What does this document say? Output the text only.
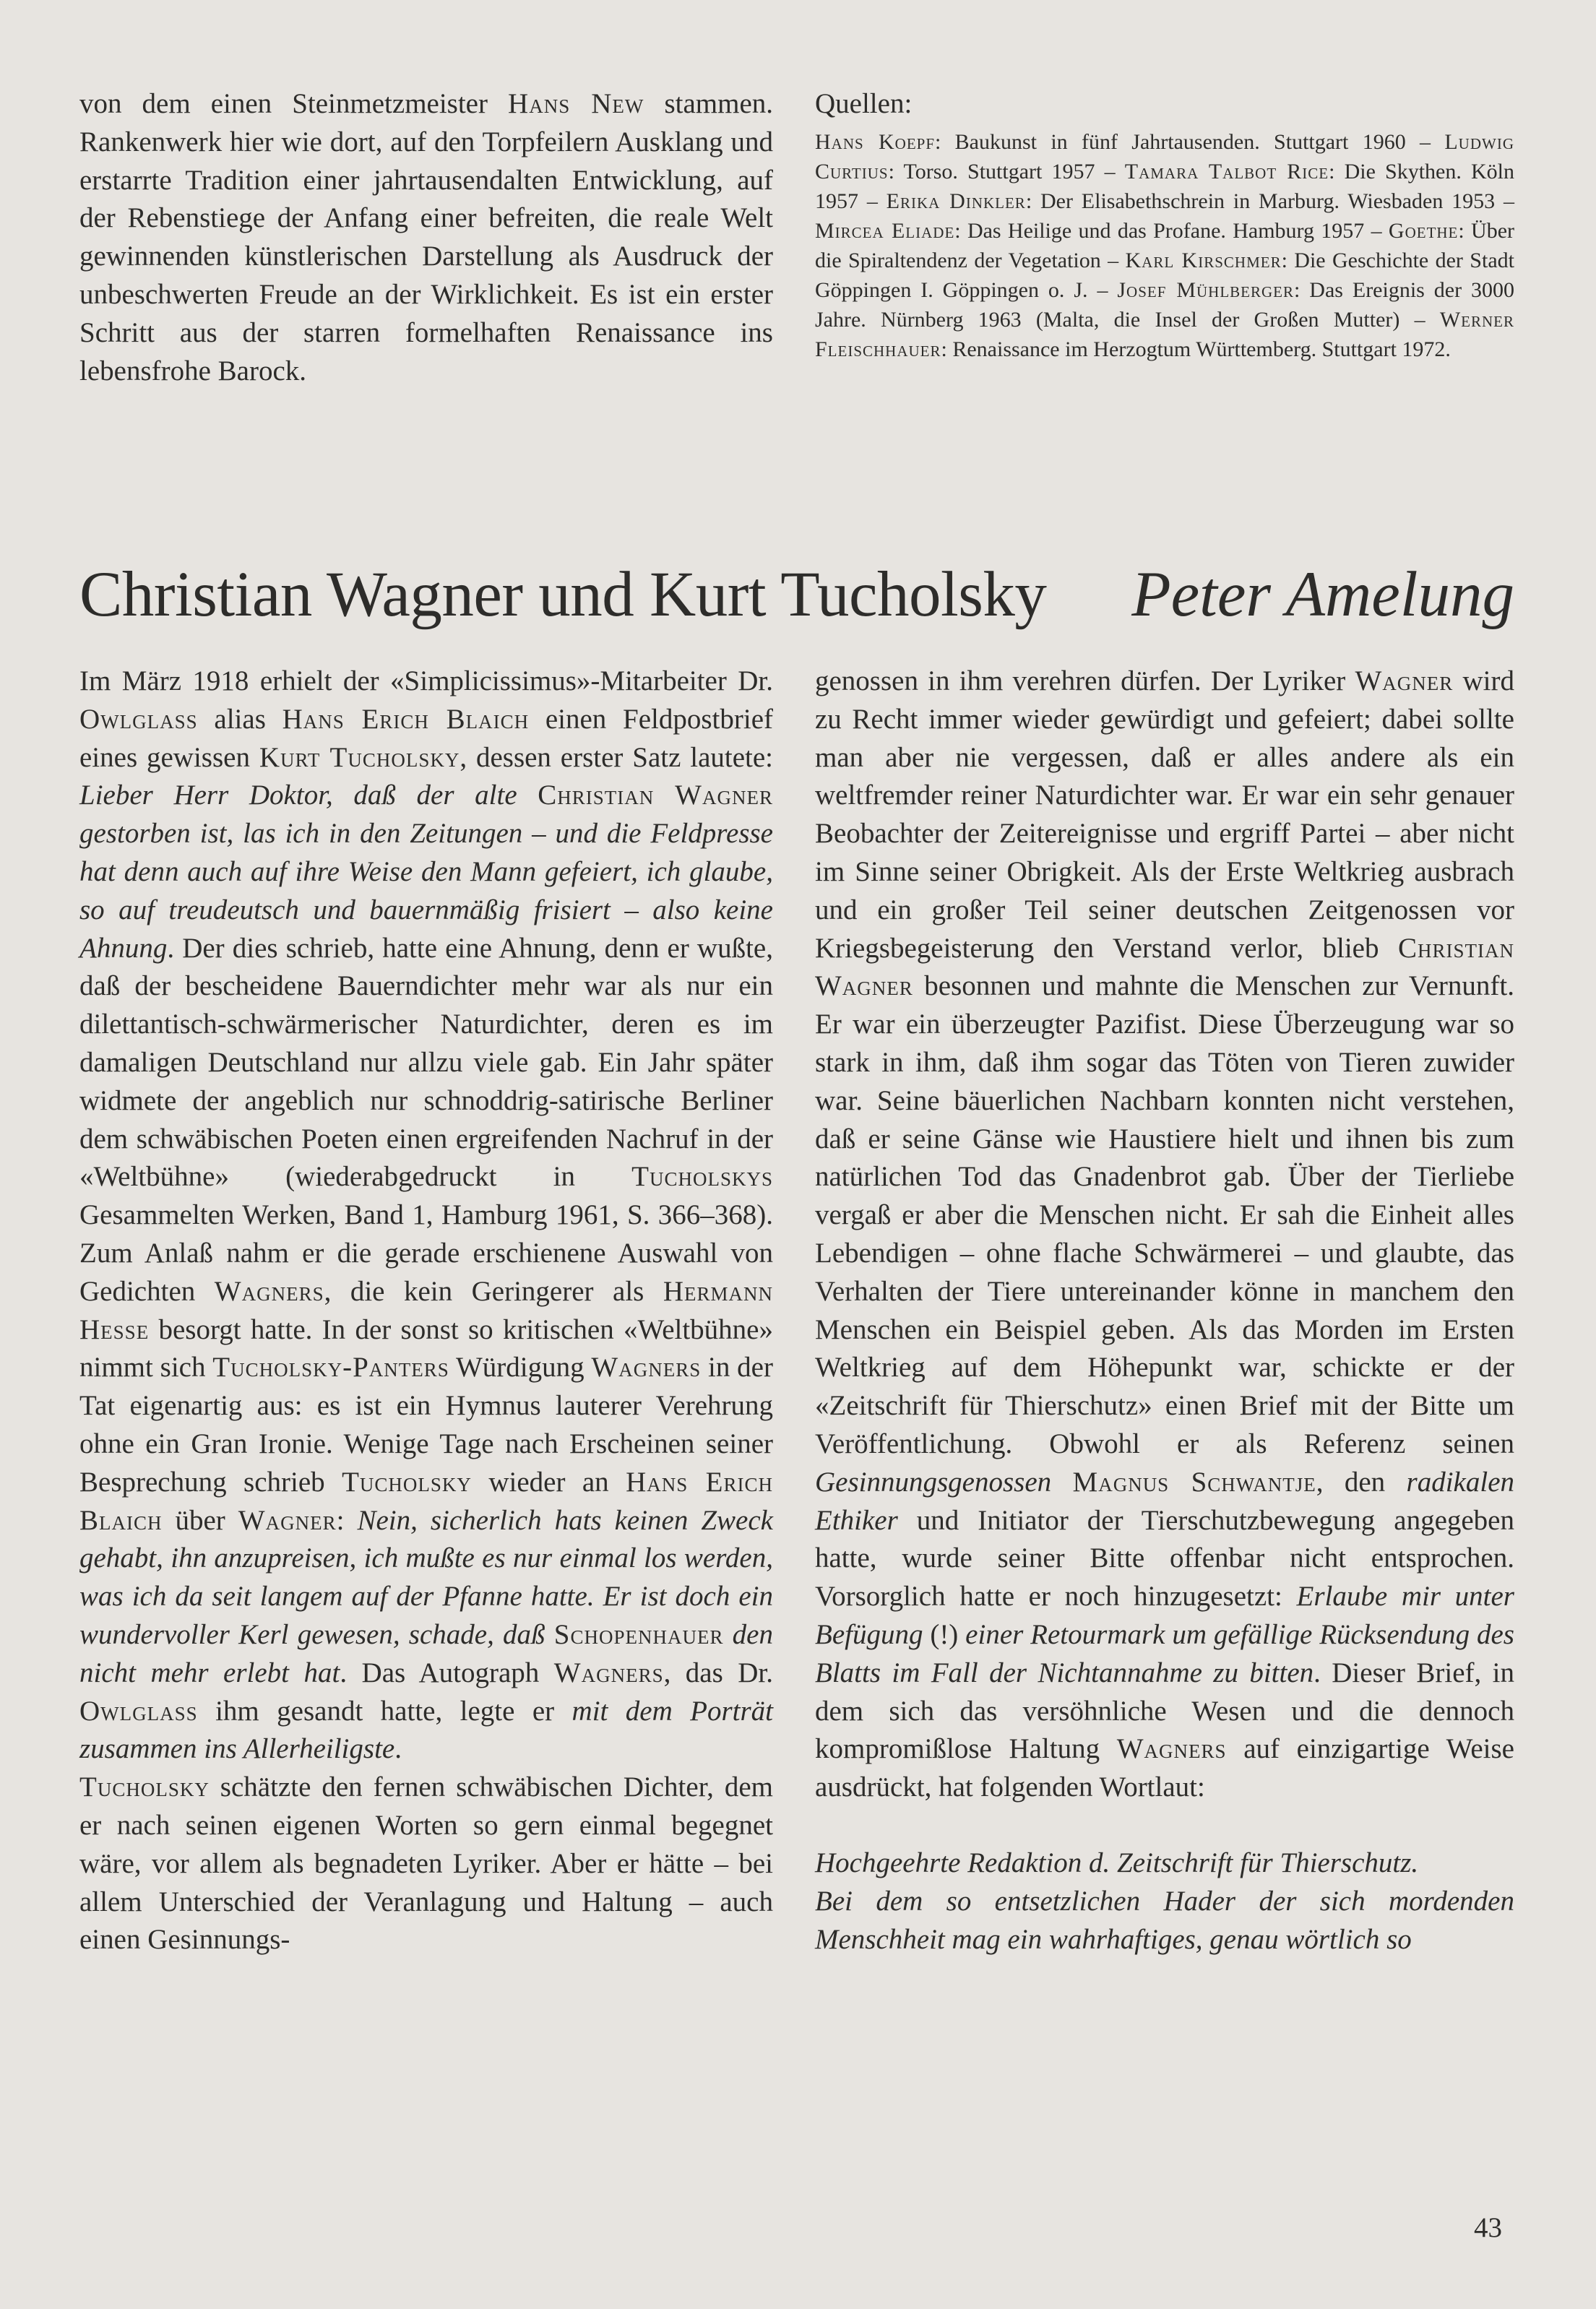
von dem einen Steinmetzmeister Hans New stammen. Rankenwerk hier wie dort, auf den Torpfeilern Ausklang und erstarrte Tradition einer jahrtausendalten Entwicklung, auf der Rebenstiege der Anfang einer befreiten, die reale Welt gewinnenden künstlerischen Darstellung als Ausdruck der unbeschwerten Freude an der Wirklichkeit. Es ist ein erster Schritt aus der starren formelhaften Renaissance ins lebensfrohe Barock.

Quellen:

Hans Koepf: Baukunst in fünf Jahrtausenden. Stuttgart 1960 – Ludwig Curtius: Torso. Stuttgart 1957 – Tamara Talbot Rice: Die Skythen. Köln 1957 – Erika Dinkler: Der Elisabethschrein in Marburg. Wiesbaden 1953 – Mircea Eliade: Das Heilige und das Profane. Hamburg 1957 – Goethe: Über die Spiraltendenz der Vegetation – Karl Kirschmer: Die Geschichte der Stadt Göppingen I. Göppingen o. J. – Josef Mühlberger: Das Ereignis der 3000 Jahre. Nürnberg 1963 (Malta, die Insel der Großen Mutter) – Werner Fleischhauer: Renaissance im Herzogtum Württemberg. Stuttgart 1972.

Christian Wagner und Kurt Tucholsky Peter Amelung

Im März 1918 erhielt der «Simplicissimus»-Mitarbeiter Dr. Owlglass alias Hans Erich Blaich einen Feldpostbrief eines gewissen Kurt Tucholsky, dessen erster Satz lautete: Lieber Herr Doktor, daß der alte Christian Wagner gestorben ist, las ich in den Zeitungen – und die Feldpresse hat denn auch auf ihre Weise den Mann gefeiert, ich glaube, so auf treudeutsch und bauernmäßig frisiert – also keine Ahnung. Der dies schrieb, hatte eine Ahnung, denn er wußte, daß der bescheidene Bauerndichter mehr war als nur ein dilettantisch-schwärmerischer Naturdichter, deren es im damaligen Deutschland nur allzu viele gab. Ein Jahr später widmete der angeblich nur schnoddrig-satirische Berliner dem schwäbischen Poeten einen ergreifenden Nachruf in der «Weltbühne» (wiederabgedruckt in Tucholskys Gesammelten Werken, Band 1, Hamburg 1961, S. 366–368). Zum Anlaß nahm er die gerade erschienene Auswahl von Gedichten Wagners, die kein Geringerer als Hermann Hesse besorgt hatte. In der sonst so kritischen «Weltbühne» nimmt sich Tucholsky-Panters Würdigung Wagners in der Tat eigenartig aus: es ist ein Hymnus lauterer Verehrung ohne ein Gran Ironie. Wenige Tage nach Erscheinen seiner Besprechung schrieb Tucholsky wieder an Hans Erich Blaich über Wagner: Nein, sicherlich hats keinen Zweck gehabt, ihn anzupreisen, ich mußte es nur einmal los werden, was ich da seit langem auf der Pfanne hatte. Er ist doch ein wundervoller Kerl gewesen, schade, daß Schopenhauer den nicht mehr erlebt hat. Das Autograph Wagners, das Dr. Owlglass ihm gesandt hatte, legte er mit dem Porträt zusammen ins Allerheiligste.

Tucholsky schätzte den fernen schwäbischen Dichter, dem er nach seinen eigenen Worten so gern einmal begegnet wäre, vor allem als begnadeten Lyriker. Aber er hätte – bei allem Unterschied der Veranlagung und Haltung – auch einen Gesinnungs-

genossen in ihm verehren dürfen. Der Lyriker Wagner wird zu Recht immer wieder gewürdigt und gefeiert; dabei sollte man aber nie vergessen, daß er alles andere als ein weltfremder reiner Naturdichter war. Er war ein sehr genauer Beobachter der Zeitereignisse und ergriff Partei – aber nicht im Sinne seiner Obrigkeit. Als der Erste Weltkrieg ausbrach und ein großer Teil seiner deutschen Zeitgenossen vor Kriegsbegeisterung den Verstand verlor, blieb Christian Wagner besonnen und mahnte die Menschen zur Vernunft. Er war ein überzeugter Pazifist. Diese Überzeugung war so stark in ihm, daß ihm sogar das Töten von Tieren zuwider war. Seine bäuerlichen Nachbarn konnten nicht verstehen, daß er seine Gänse wie Haustiere hielt und ihnen bis zum natürlichen Tod das Gnadenbrot gab. Über der Tierliebe vergaß er aber die Menschen nicht. Er sah die Einheit alles Lebendigen – ohne flache Schwärmerei – und glaubte, das Verhalten der Tiere untereinander könne in manchem den Menschen ein Beispiel geben. Als das Morden im Ersten Weltkrieg auf dem Höhepunkt war, schickte er der «Zeitschrift für Thierschutz» einen Brief mit der Bitte um Veröffentlichung. Obwohl er als Referenz seinen Gesinnungsgenossen Magnus Schwantje, den radikalen Ethiker und Initiator der Tierschutzbewegung angegeben hatte, wurde seiner Bitte offenbar nicht entsprochen. Vorsorglich hatte er noch hinzugesetzt: Erlaube mir unter Befügung (!) einer Retourmark um gefällige Rücksendung des Blatts im Fall der Nichtannahme zu bitten. Dieser Brief, in dem sich das versöhnliche Wesen und die dennoch kompromißlose Haltung Wagners auf einzigartige Weise ausdrückt, hat folgenden Wortlaut:

Hochgeehrte Redaktion d. Zeitschrift für Thierschutz.

Bei dem so entsetzlichen Hader der sich mordenden Menschheit mag ein wahrhaftiges, genau wörtlich so

43
